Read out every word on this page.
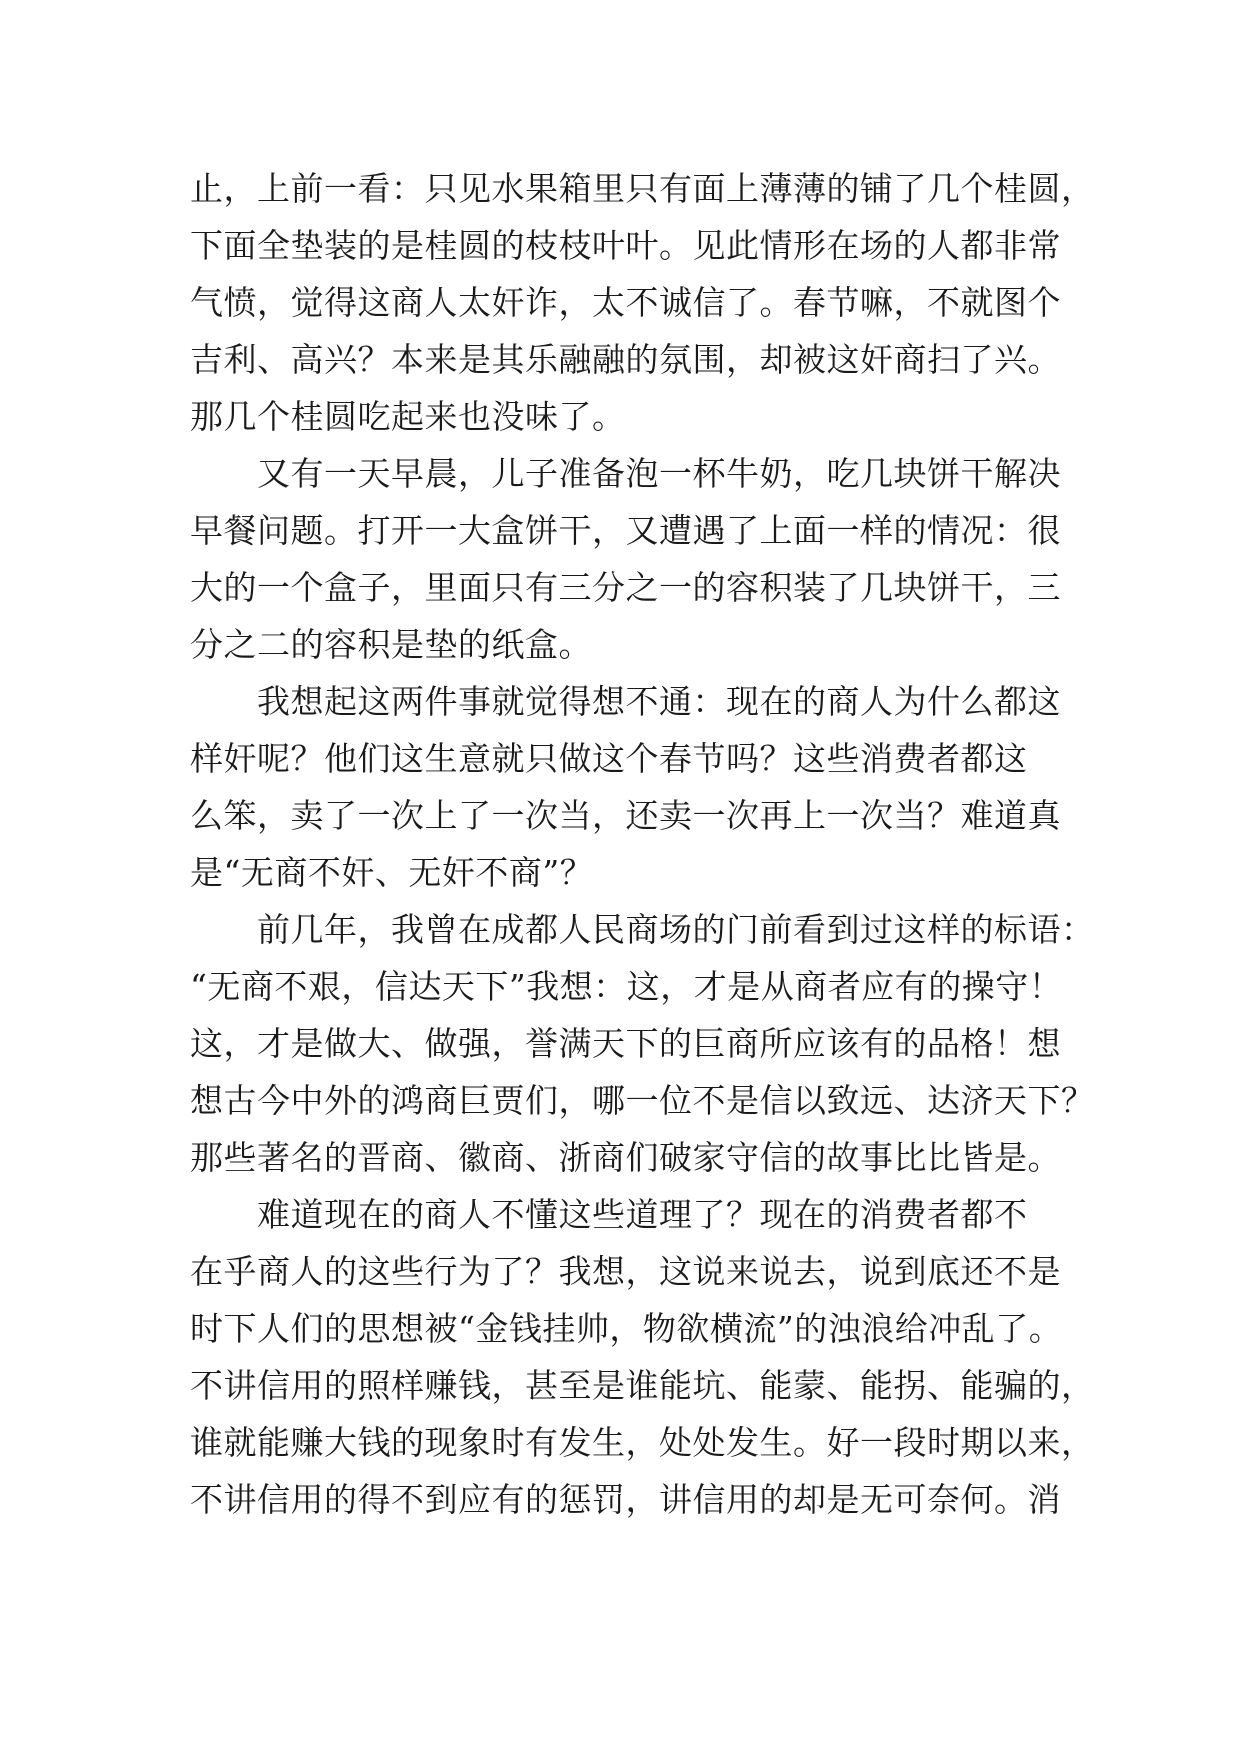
止，上前一看：只见水果箱里只有面上薄薄的铺了几个桂圆，
下面全垫装的是桂圆的枝枝叶叶。见此情形在场的人都非常
气愤，觉得这商人太奸诈，太不诚信了。春节嘛，不就图个
吉利、高兴？本来是其乐融融的氛围，却被这奸商扫了兴。
那几个桂圆吃起来也没味了。
　　又有一天早晨，儿子准备泡一杯牛奶，吃几块饼干解决
早餐问题。打开一大盒饼干，又遭遇了上面一样的情况：很
大的一个盒子，里面只有三分之一的容积装了几块饼干，三
分之二的容积是垫的纸盒。
　　我想起这两件事就觉得想不通：现在的商人为什么都这
样奸呢？他们这生意就只做这个春节吗？这些消费者都这
么笨，卖了一次上了一次当，还卖一次再上一次当？难道真
是“无商不奸、无奸不商”？
　　前几年，我曾在成都人民商场的门前看到过这样的标语：
“无商不艰，信达天下”我想：这，才是从商者应有的操守！
这，才是做大、做强，誉满天下的巨商所应该有的品格！想
想古今中外的鸿商巨贾们，哪一位不是信以致远、达济天下？
那些著名的晋商、徽商、浙商们破家守信的故事比比皆是。
　　难道现在的商人不懂这些道理了？现在的消费者都不
在乎商人的这些行为了？我想，这说来说去，说到底还不是
时下人们的思想被“金钱挂帅，物欲横流”的浊浪给冲乱了。
不讲信用的照样赚钱，甚至是谁能坑、能蒙、能拐、能骗的，
谁就能赚大钱的现象时有发生，处处发生。好一段时期以来，
不讲信用的得不到应有的惩罚，讲信用的却是无可奈何。消
